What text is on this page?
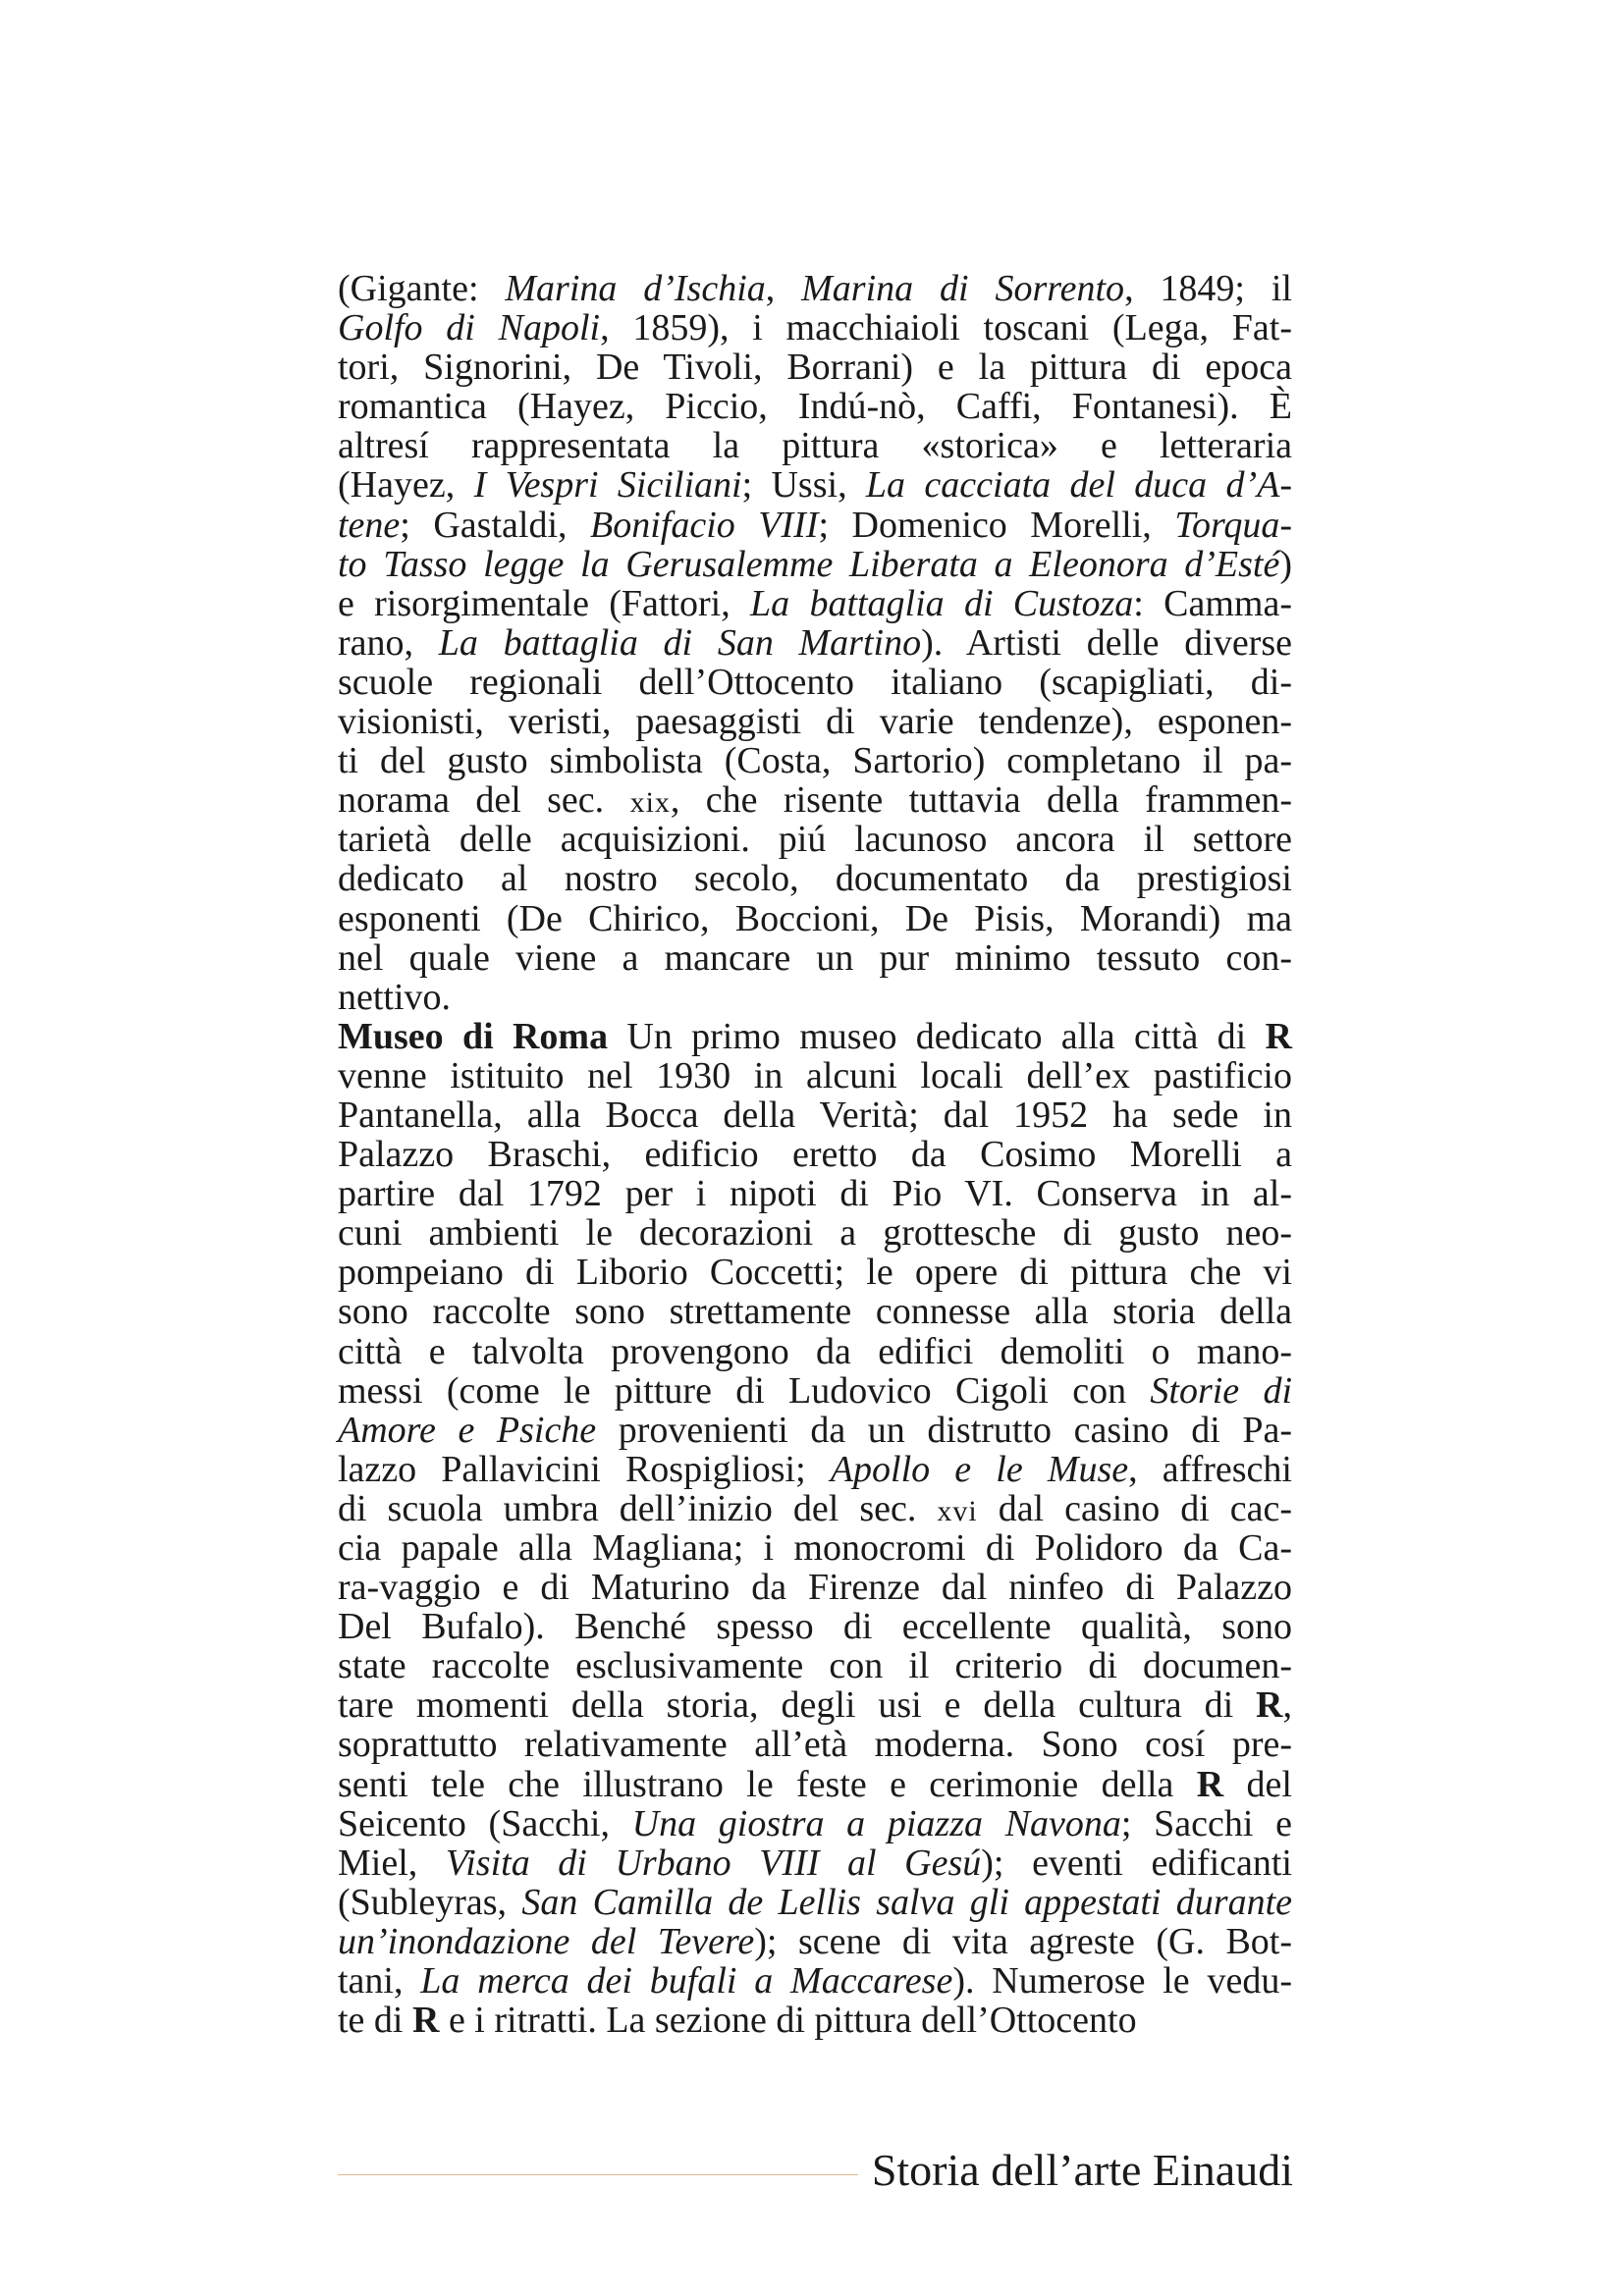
(Gigante: Marina d’Ischia, Marina di Sorrento, 1849; il
Golfo di Napoli, 1859), i macchiaioli toscani (Lega, Fat-
tori, Signorini, De Tivoli, Borrani) e la pittura di epoca
romantica (Hayez, Piccio, Indú-nò, Caffi, Fontanesi). È
altresí rappresentata la pittura «storica» e letteraria
(Hayez, I Vespri Siciliani; Ussi, La cacciata del duca d’A-
tene; Gastaldi, Bonifacio VIII; Domenico Morelli, Torqua-
to Tasso legge la Gerusalemme Liberata a Eleonora d’Esté)
e risorgimentale (Fattori, La battaglia di Custoza: Camma-
rano, La battaglia di San Martino). Artisti delle diverse
scuole regionali dell’Ottocento italiano (scapigliati, di-
visionisti, veristi, paesaggisti di varie tendenze), esponen-
ti del gusto simbolista (Costa, Sartorio) completano il pa-
norama del sec. xix, che risente tuttavia della frammen-
tarietà delle acquisizioni. piú lacunoso ancora il settore
dedicato al nostro secolo, documentato da prestigiosi
esponenti (De Chirico, Boccioni, De Pisis, Morandi) ma
nel quale viene a mancare un pur minimo tessuto con-
nettivo.
Museo di Roma Un primo museo dedicato alla città di R
venne istituito nel 1930 in alcuni locali dell’ex pastificio
Pantanella, alla Bocca della Verità; dal 1952 ha sede in
Palazzo Braschi, edificio eretto da Cosimo Morelli a
partire dal 1792 per i nipoti di Pio VI. Conserva in al-
cuni ambienti le decorazioni a grottesche di gusto neo-
pompeiano di Liborio Coccetti; le opere di pittura che vi
sono raccolte sono strettamente connesse alla storia della
città e talvolta provengono da edifici demoliti o mano-
messi (come le pitture di Ludovico Cigoli con Storie di
Amore e Psiche provenienti da un distrutto casino di Pa-
lazzo Pallavicini Rospigliosi; Apollo e le Muse, affreschi
di scuola umbra dell’inizio del sec. xvi dal casino di cac-
cia papale alla Magliana; i monocromi di Polidoro da Ca-
ra-vaggio e di Maturino da Firenze dal ninfeo di Palazzo
Del Bufalo). Benché spesso di eccellente qualità, sono
state raccolte esclusivamente con il criterio di documen-
tare momenti della storia, degli usi e della cultura di R,
soprattutto relativamente all’età moderna. Sono cosí pre-
senti tele che illustrano le feste e cerimonie della R del
Seicento (Sacchi, Una giostra a piazza Navona; Sacchi e
Miel, Visita di Urbano VIII al Gesú); eventi edificanti
(Subleyras, San Camilla de Lellis salva gli appestati durante
un’inondazione del Tevere); scene di vita agreste (G. Bot-
tani, La merca dei bufali a Maccarese). Numerose le vedu-
te di R e i ritratti. La sezione di pittura dell’Ottocento
Storia dell’arte Einaudi
